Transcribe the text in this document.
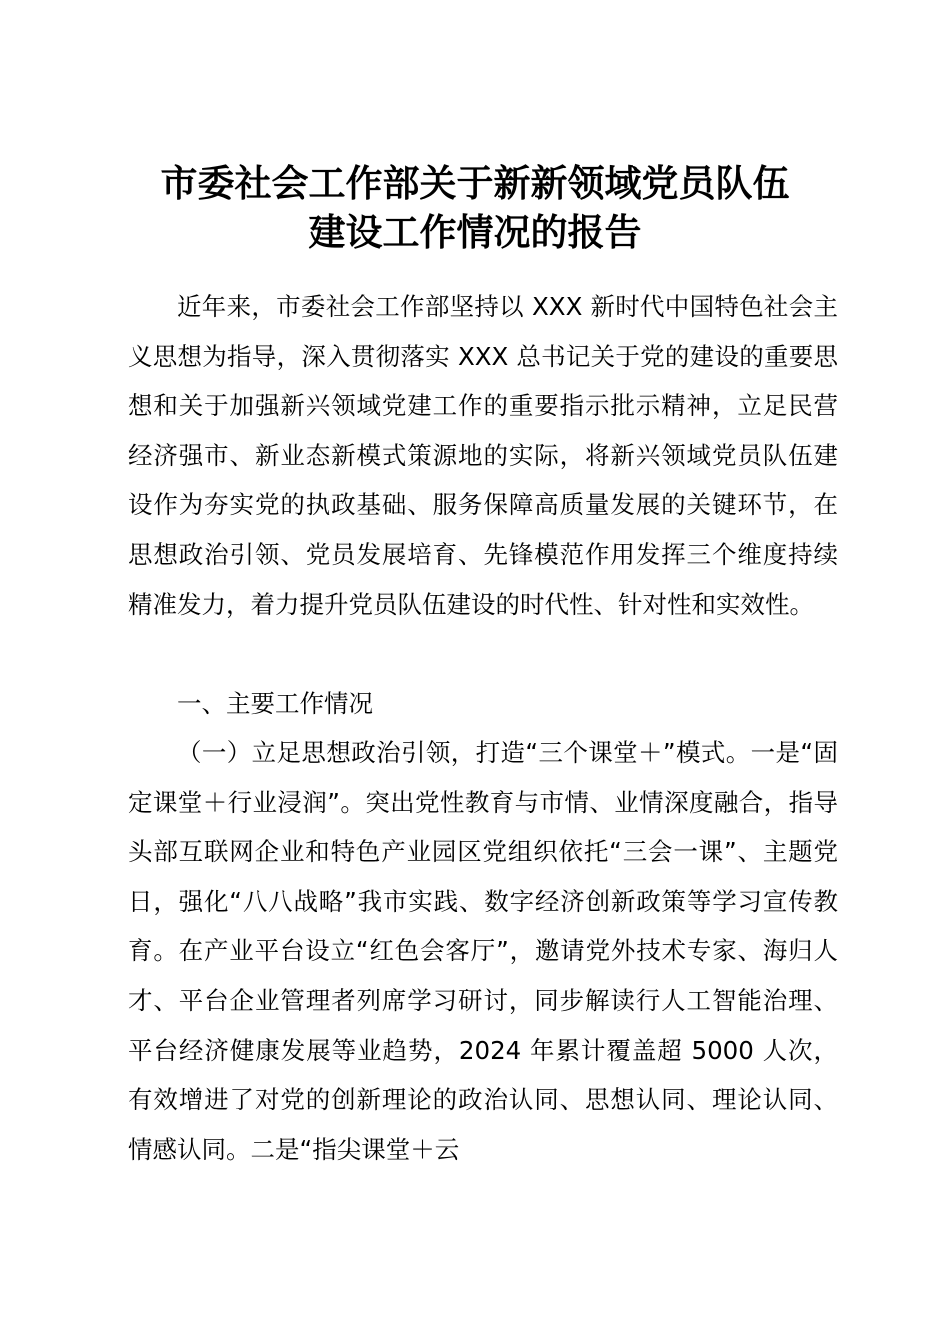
市委社会工作部关于新新领域党员队伍
建设工作情况的报告

近年来，市委社会工作部坚持以 XXX 新时代中国特色社会主义思想为指导，深入贯彻落实 XXX 总书记关于党的建设的重要思想和关于加强新兴领域党建工作的重要指示批示精神，立足民营经济强市、新业态新模式策源地的实际，将新兴领域党员队伍建设作为夯实党的执政基础、服务保障高质量发展的关键环节，在思想政治引领、党员发展培育、先锋模范作用发挥三个维度持续精准发力，着力提升党员队伍建设的时代性、针对性和实效性。

一、主要工作情况

（一）立足思想政治引领，打造“三个课堂＋”模式。一是“固定课堂＋行业浸润”。突出党性教育与市情、业情深度融合，指导头部互联网企业和特色产业园区党组织依托“三会一课”、主题党日，强化“八八战略”我市实践、数字经济创新政策等学习宣传教育。在产业平台设立“红色会客厅”，邀请党外技术专家、海归人才、平台企业管理者列席学习研讨，同步解读行人工智能治理、平台经济健康发展等业趋势，2024 年累计覆盖超 5000 人次，有效增进了对党的创新理论的政治认同、思想认同、理论认同、情感认同。二是“指尖课堂＋云
